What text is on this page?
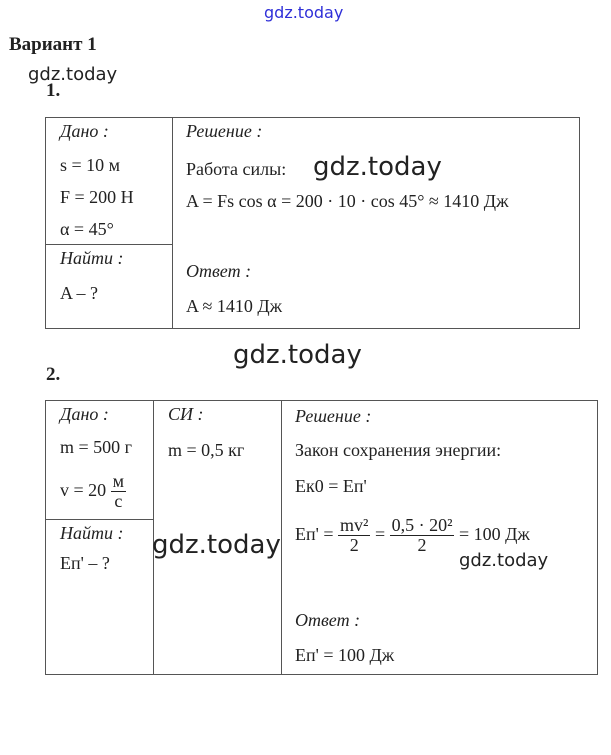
gdz.today
gdz.today
Вариант 1
1.
Дано :
s = 10 м
F = 200 Н
α = 45°
Найти :
A – ?
Решение :
Работа силы: gdz.today
A = Fs cos α = 200 · 10 · cos 45° ≈ 1410 Дж
Ответ :
A ≈ 1410 Дж
gdz.today
2.
Дано :
m = 500 г
$v = 20 \frac{м}{с}$
Найти :
Eп' – ?
СИ :
m = 0,5 кг
Решение :
Закон сохранения энергии:
Eк0 = Eп'
$Eп' = \frac{\text{mv²}}{2} = \frac{\text{0,5 · 20²}}{2} = 100$ Дж
gdz.today
gdz.today
Ответ :
Eп' = 100 Дж
